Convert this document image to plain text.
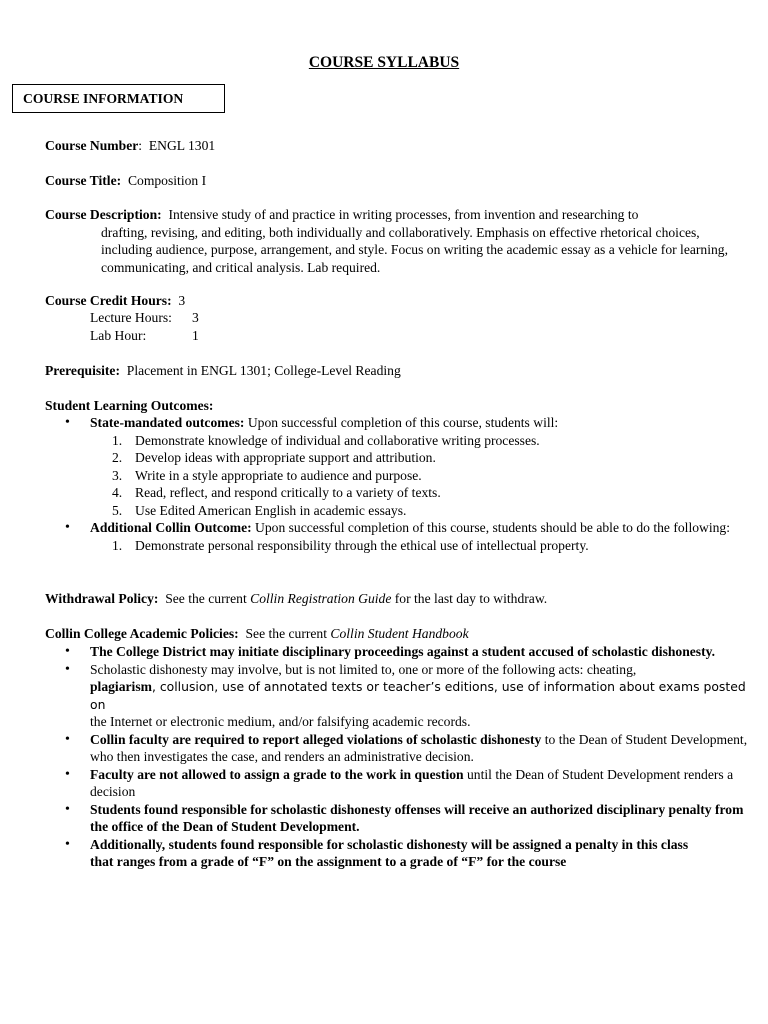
COURSE SYLLABUS
COURSE INFORMATION
Course Number:  ENGL 1301
Course Title: Composition I
Course Description: Intensive study of and practice in writing processes, from invention and researching to
drafting, revising, and editing, both individually and collaboratively. Emphasis on effective rhetorical choices, including audience, purpose, arrangement, and style. Focus on writing the academic essay as a vehicle for learning, communicating, and critical analysis. Lab required.
Course Credit Hours: 3
Lecture Hours: 3
Lab Hour:	1
Prerequisite: Placement in ENGL 1301; College-Level Reading
Student Learning Outcomes:
• State-mandated outcomes: Upon successful completion of this course, students will:
1. Demonstrate knowledge of individual and collaborative writing processes.
2. Develop ideas with appropriate support and attribution.
3. Write in a style appropriate to audience and purpose.
4. Read, reflect, and respond critically to a variety of texts.
5. Use Edited American English in academic essays.
• Additional Collin Outcome: Upon successful completion of this course, students should be able to do the following:
1. Demonstrate personal responsibility through the ethical use of intellectual property.
Withdrawal Policy: See the current Collin Registration Guide for the last day to withdraw.
Collin College Academic Policies: See the current Collin Student Handbook
• The College District may initiate disciplinary proceedings against a student accused of scholastic dishonesty.
• Scholastic dishonesty may involve, but is not limited to, one or more of the following acts: cheating,
plagiarism, collusion, use of annotated texts or teacher’s editions, use of information about exams posted on
the Internet or electronic medium, and/or falsifying academic records.
• Collin faculty are required to report alleged violations of scholastic dishonesty to the Dean of Student Development, who then investigates the case, and renders an administrative decision.
• Faculty are not allowed to assign a grade to the work in question until the Dean of Student Development renders a decision
• Students found responsible for scholastic dishonesty offenses will receive an authorized disciplinary penalty from the office of the Dean of Student Development.
• Additionally, students found responsible for scholastic dishonesty will be assigned a penalty in this class
that ranges from a grade of “F” on the assignment to a grade of “F” for the course
